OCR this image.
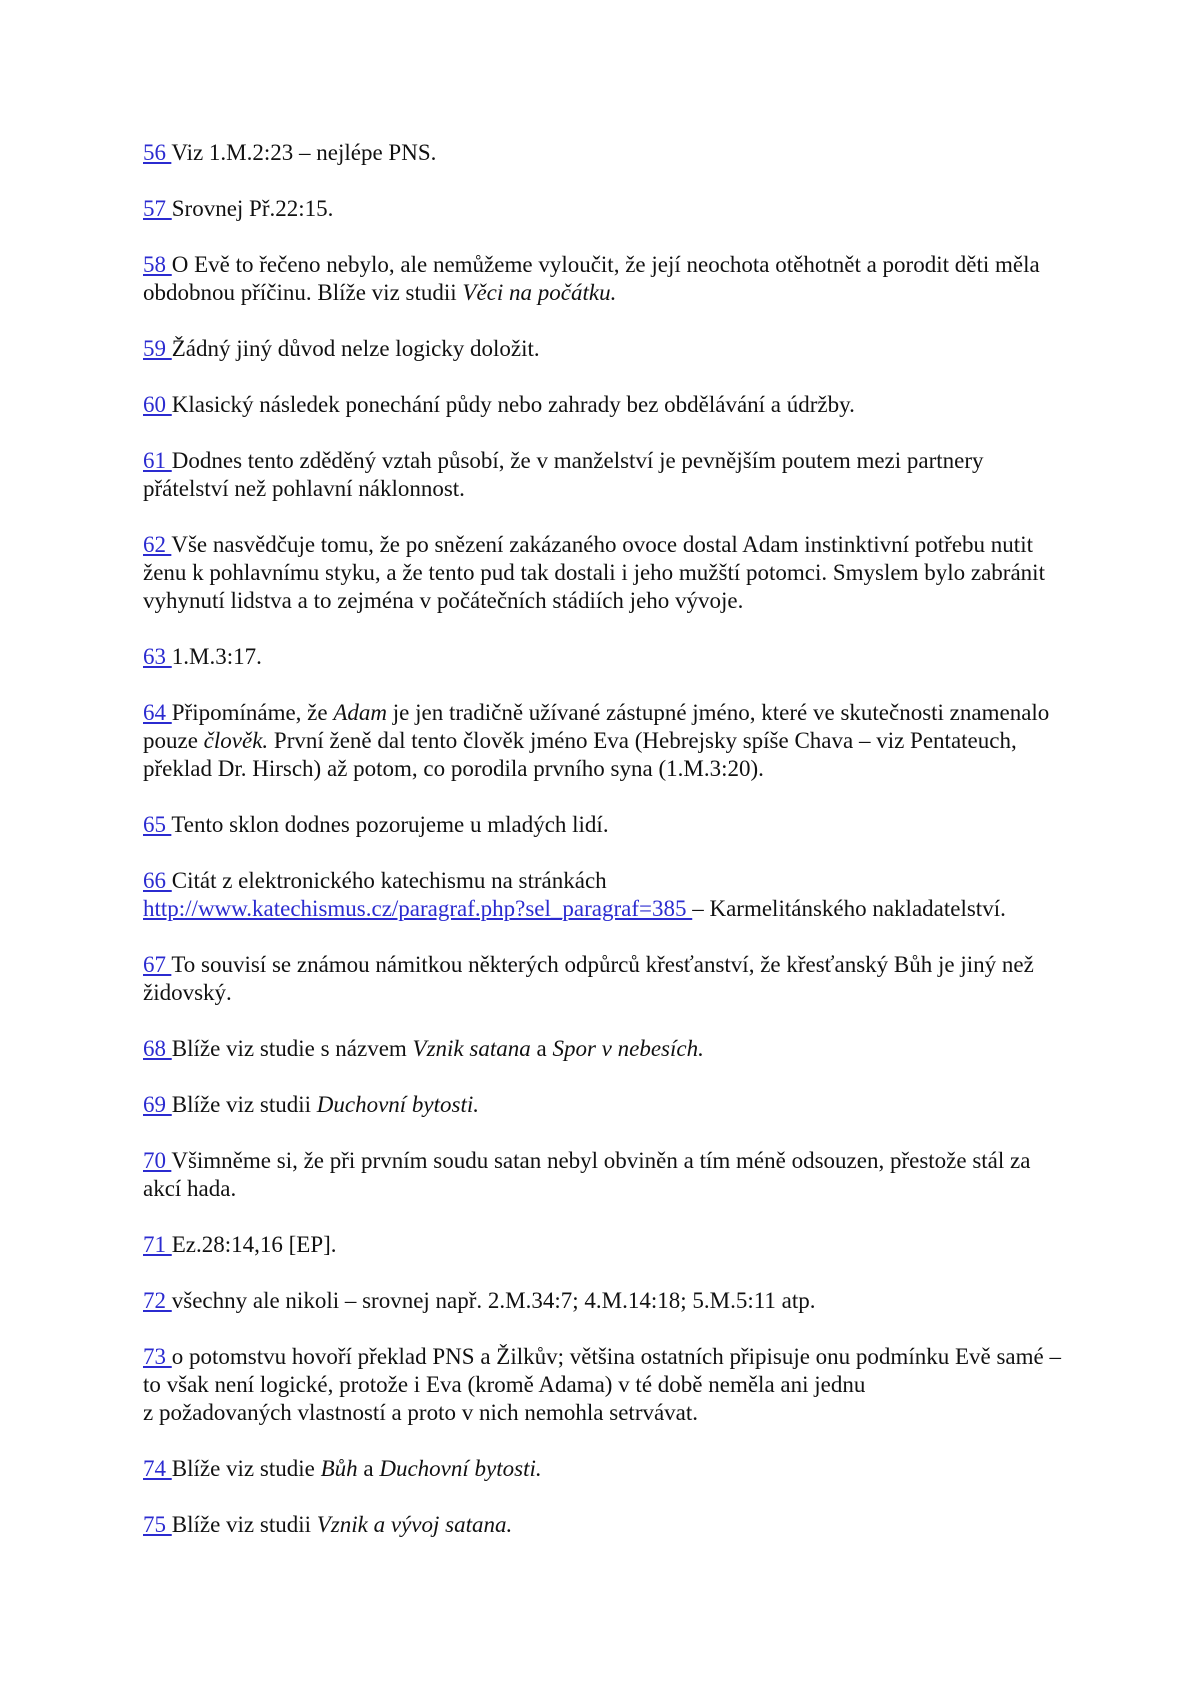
56 Viz 1.M.2:23 – nejlépe PNS.

57 Srovnej Př.22:15.

58 O Evě to řečeno nebylo, ale nemůžeme vyloučit, že její neochota otěhotnět a porodit děti měla obdobnou příčinu. Blíže viz studii Věci na počátku.

59 Žádný jiný důvod nelze logicky doložit.

60 Klasický následek ponechání půdy nebo zahrady bez obdělávání a údržby.

61 Dodnes tento zděděný vztah působí, že v manželství je pevnějším poutem mezi partnery přátelství než pohlavní náklonnost.

62 Vše nasvědčuje tomu, že po snězení zakázaného ovoce dostal Adam instinktivní potřebu nutit ženu k pohlavnímu styku, a že tento pud tak dostali i jeho mužští potomci. Smyslem bylo zabránit vyhynutí lidstva a to zejména v počátečních stádiích jeho vývoje.

63 1.M.3:17.

64 Připomínáme, že Adam je jen tradičně užívané zástupné jméno, které ve skutečnosti znamenalo pouze člověk. První ženě dal tento člověk jméno Eva (Hebrejsky spíše Chava – viz Pentateuch, překlad Dr. Hirsch) až potom, co porodila prvního syna (1.M.3:20).

65 Tento sklon dodnes pozorujeme u mladých lidí.

66 Citát z elektronického katechismu na stránkách
http://www.katechismus.cz/paragraf.php?sel_paragraf=385 – Karmelitánského nakladatelství.

67 To souvisí se známou námitkou některých odpůrců křesťanství, že křesťanský Bůh je jiný než židovský.

68 Blíže viz studie s názvem Vznik satana a Spor v nebesích.

69 Blíže viz studii Duchovní bytosti.

70 Všimněme si, že při prvním soudu satan nebyl obviněn a tím méně odsouzen, přestože stál za akcí hada.

71 Ez.28:14,16 [EP].

72 všechny ale nikoli – srovnej např. 2.M.34:7; 4.M.14:18; 5.M.5:11 atp.

73 o potomstvu hovoří překlad PNS a Žilkův; většina ostatních připisuje onu podmínku Evě samé – to však není logické, protože i Eva (kromě Adama) v té době neměla ani jednu
z požadovaných vlastností a proto v nich nemohla setrvávat.

74 Blíže viz studie Bůh a Duchovní bytosti.

75 Blíže viz studii Vznik a vývoj satana.
